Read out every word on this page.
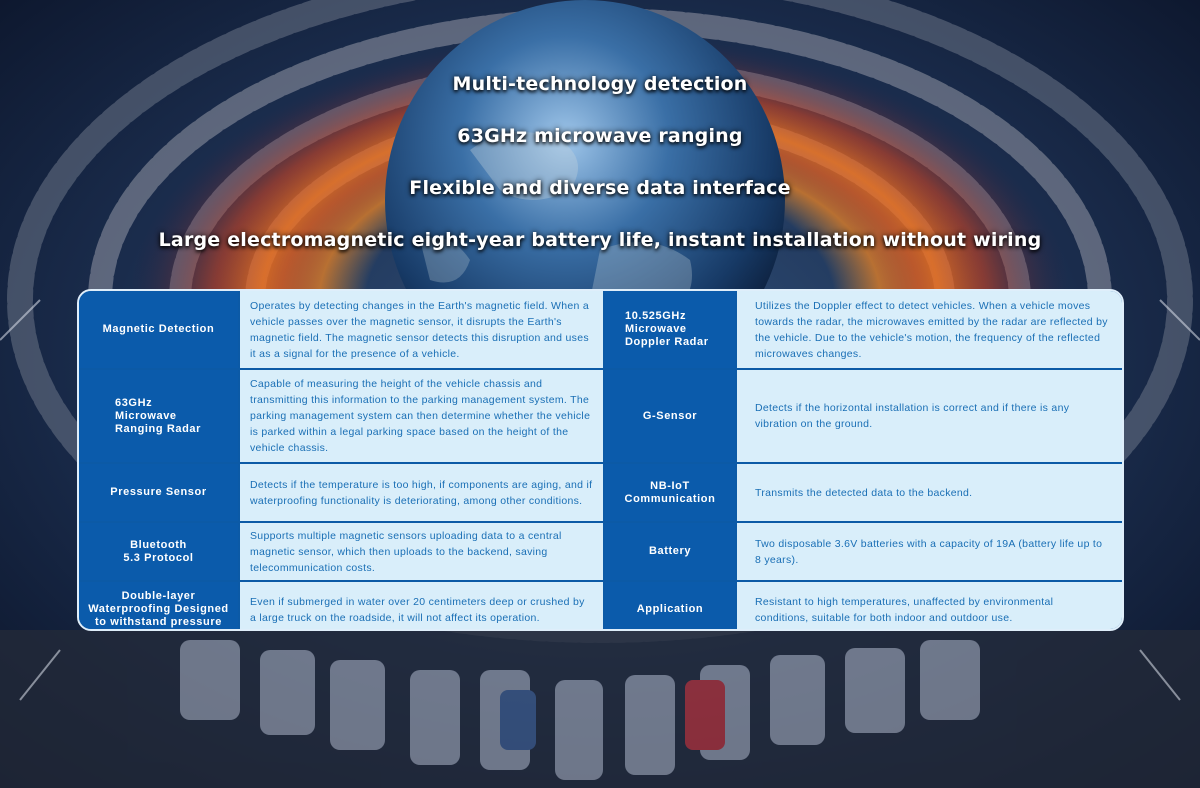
Multi-technology detection
63GHz microwave ranging
Flexible and diverse data interface
Large electromagnetic eight-year battery life, instant installation without wiring
Magnetic Detection
Operates by detecting changes in the Earth's magnetic field. When a vehicle passes over the magnetic sensor, it disrupts the Earth's magnetic field. The magnetic sensor detects this disruption and uses it as a signal for the presence of a vehicle.
10.525GHz
Microwave
Doppler Radar
Utilizes the Doppler effect to detect vehicles. When a vehicle moves towards the radar, the microwaves emitted by the radar are reflected by the vehicle. Due to the vehicle's motion, the frequency of the reflected microwaves changes.
63GHz
Microwave
Ranging Radar
Capable of measuring the height of the vehicle chassis and transmitting this information to the parking management system. The parking management system can then determine whether the vehicle is parked within a legal parking space based on the height of the vehicle chassis.
G-Sensor
Detects if the horizontal installation is correct and if there is any vibration on the ground.
Pressure Sensor
Detects if the temperature is too high, if components are aging, and if waterproofing functionality is deteriorating, among other conditions.
NB-IoT
Communication	Transmits the detected data to the backend.
Bluetooth
5.3 Protocol
Supports multiple magnetic sensors uploading data to a central magnetic sensor, which then uploads to the backend, saving telecommunication costs.
Battery
Two disposable 3.6V batteries with a capacity of 19A (battery life up to 8 years).
Double-layer
Waterproofing Designed
to withstand pressure
Even if submerged in water over 20 centimeters deep or crushed by a large truck on the roadside, it will not affect its operation.
Application
Resistant to high temperatures, unaffected by environmental conditions, suitable for both indoor and outdoor use.
